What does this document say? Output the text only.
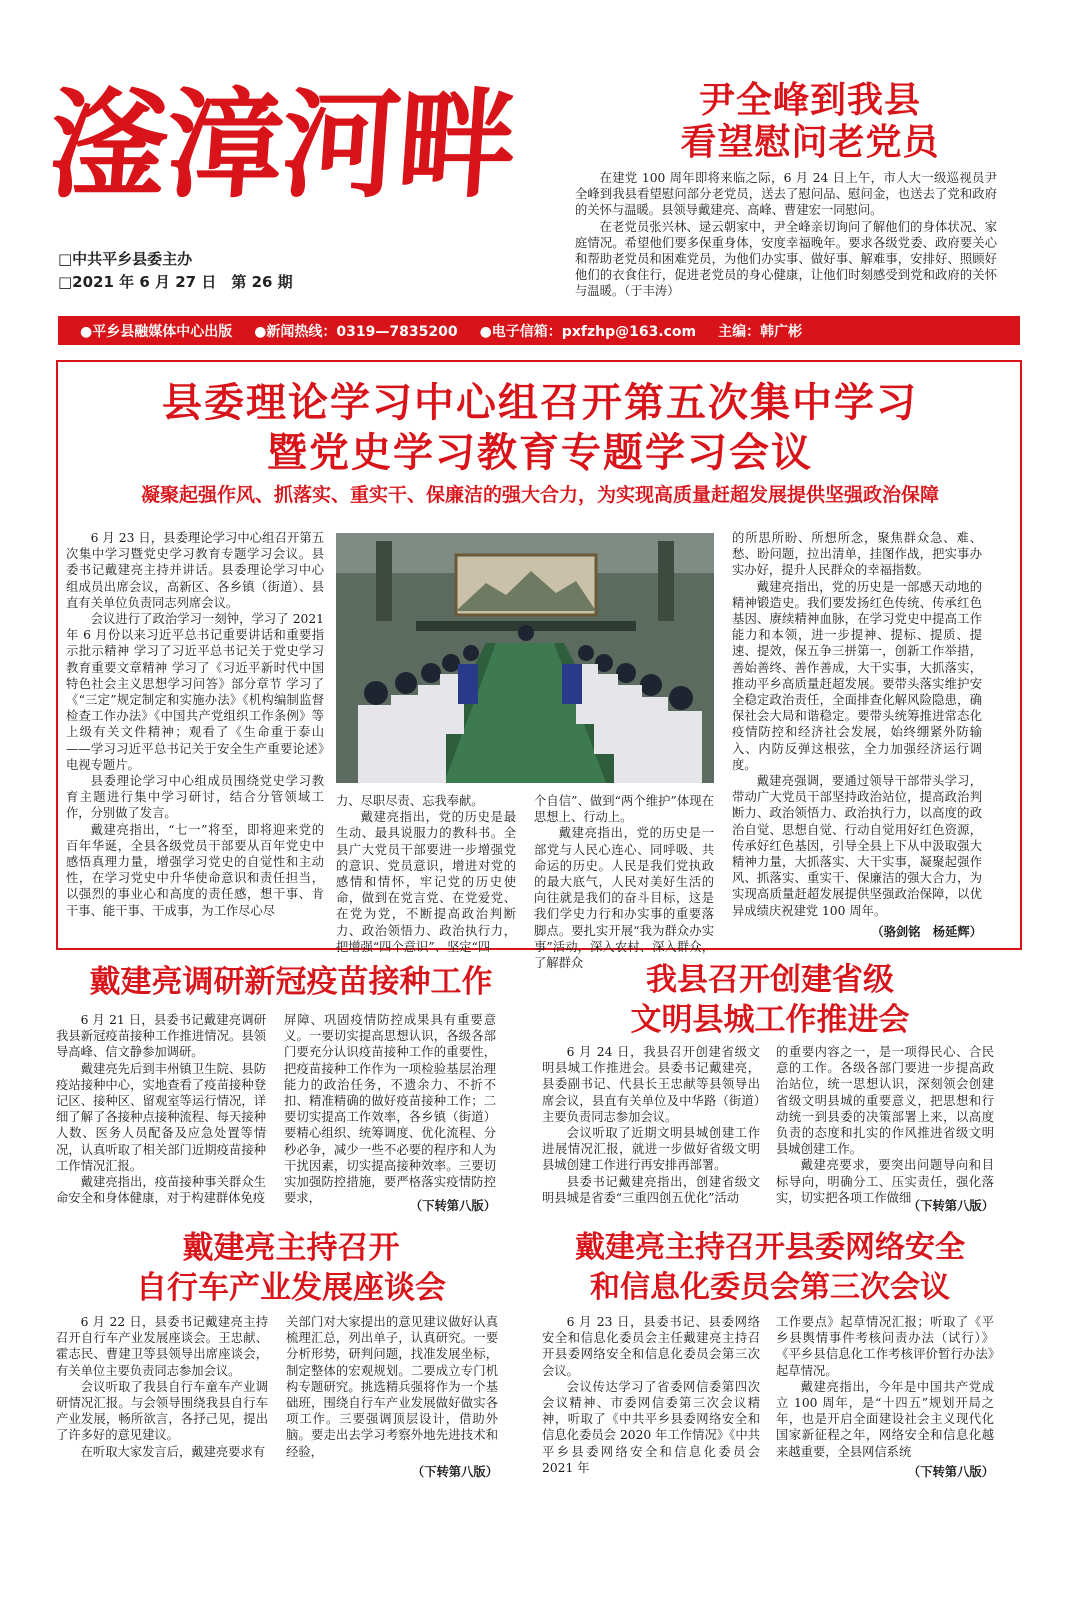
滏漳河畔
□中共平乡县委主办
□2021 年 6 月 27 日　第 26 期
尹全峰到我县
看望慰问老党员

在建党 100 周年即将来临之际，6 月 24 日上午，市人大一级巡视员尹全峰到我县看望慰问部分老党员，送去了慰问品、慰问金，也送去了党和政府的关怀与温暖。县领导戴建亮、高峰、曹建宏一同慰问。

在老党员张兴林、逯云朝家中，尹全峰亲切询问了解他们的身体状况、家庭情况。希望他们要多保重身体，安度幸福晚年。要求各级党委、政府要关心和帮助老党员和困难党员，为他们办实事、做好事、解难事，安排好、照顾好他们的衣食住行，促进老党员的身心健康，让他们时刻感受到党和政府的关怀与温暖。（于丰涛）

●平乡县融媒体中心出版 ●新闻热线：0319—7835200 ●电子信箱：pxfzhp@163.com 主编：韩广彬
县委理论学习中心组召开第五次集中学习
暨党史学习教育专题学习会议
凝聚起强作风、抓落实、重实干、保廉洁的强大合力，为实现高质量赶超发展提供坚强政治保障

6 月 23 日，县委理论学习中心组召开第五次集中学习暨党史学习教育专题学习会议。县委书记戴建亮主持并讲话。县委理论学习中心组成员出席会议，高新区、各乡镇（街道）、县直有关单位负责同志列席会议。

会议进行了政治学习一刻钟，学习了 2021 年 6 月份以来习近平总书记重要讲话和重要指示批示精神 学习了习近平总书记关于党史学习教育重要文章精神 学习了《习近平新时代中国特色社会主义思想学习问答》部分章节 学习了《“三定”规定制定和实施办法》《机构编制监督检查工作办法》《中国共产党组织工作条例》等上级有关文件精神；观看了《生命重于泰山——学习习近平总书记关于安全生产重要论述》电视专题片。

县委理论学习中心组成员围绕党史学习教育主题进行集中学习研讨，结合分管领域工作，分别做了发言。

戴建亮指出，“七一”将至，即将迎来党的百年华诞，全县各级党员干部要从百年党史中感悟真理力量，增强学习党史的自觉性和主动性，在学习党史中升华使命意识和责任担当，以强烈的事业心和高度的责任感，想干事、肯干事、能干事、干成事，为工作尽心尽

力、尽职尽责、忘我奉献。

戴建亮指出，党的历史是最生动、最具说服力的教科书。全县广大党员干部要进一步增强党的意识、党员意识，增进对党的感情和情怀，牢记党的历史使命，做到在党言党、在党爱党、在党为党，不断提高政治判断力、政治领悟力、政治执行力，把增强“四个意识”、坚定“四

个自信”、做到“两个维护”体现在思想上、行动上。

戴建亮指出，党的历史是一部党与人民心连心、同呼吸、共命运的历史。人民是我们党执政的最大底气，人民对美好生活的向往就是我们的奋斗目标，这是我们学史力行和办实事的重要落脚点。要扎实开展“我为群众办实事”活动，深入农村、深入群众，了解群众

的所思所盼、所想所念，聚焦群众急、难、愁、盼问题，拉出清单，挂图作战，把实事办实办好，提升人民群众的幸福指数。

戴建亮指出，党的历史是一部感天动地的精神锻造史。我们要发扬红色传统、传承红色基因、赓续精神血脉，在学习党史中提高工作能力和本领，进一步提神、提标、提质、提速、提效，保五争三拼第一，创新工作举措，善始善终、善作善成，大干实事，大抓落实，推动平乡高质量赶超发展。要带头落实维护安全稳定政治责任，全面排查化解风险隐患，确保社会大局和谐稳定。要带头统筹推进常态化疫情防控和经济社会发展，始终绷紧外防输入、内防反弹这根弦，全力加强经济运行调度。

戴建亮强调，要通过领导干部带头学习，带动广大党员干部坚持政治站位，提高政治判断力、政治领悟力、政治执行力，以高度的政治自觉、思想自觉、行动自觉用好红色资源，传承好红色基因，引导全县上下从中汲取强大精神力量，大抓落实、大干实事，凝聚起强作风、抓落实、重实干、保廉洁的强大合力，为实现高质量赶超发展提供坚强政治保障，以优异成绩庆祝建党 100 周年。

（骆剑铭　杨延辉）
戴建亮调研新冠疫苗接种工作

6 月 21 日，县委书记戴建亮调研我县新冠疫苗接种工作推进情况。县领导高峰、信文静参加调研。

戴建亮先后到丰州镇卫生院、县防疫站接种中心，实地查看了疫苗接种登记区、接种区、留观室等运行情况，详细了解了各接种点接种流程、每天接种人数、医务人员配备及应急处置等情况，认真听取了相关部门近期疫苗接种工作情况汇报。

戴建亮指出，疫苗接种事关群众生命安全和身体健康，对于构建群体免疫

屏障、巩固疫情防控成果具有重要意义。一要切实提高思想认识，各级各部门要充分认识疫苗接种工作的重要性，把疫苗接种工作作为一项检验基层治理能力的政治任务，不遗余力、不折不扣、精准精确的做好疫苗接种工作；二要切实提高工作效率，各乡镇（街道）要精心组织、统筹调度、优化流程、分秒必争，减少一些不必要的程序和人为干扰因素，切实提高接种效率。三要切实加强防控措施，要严格落实疫情防控要求，	（下转第八版）
我县召开创建省级
文明县城工作推进会

6 月 24 日，我县召开创建省级文明县城工作推进会。县委书记戴建亮，县委副书记、代县长王忠献等县领导出席会议，县直有关单位及中华路（街道）主要负责同志参加会议。

会议听取了近期文明县城创建工作进展情况汇报，就进一步做好省级文明县城创建工作进行再安排再部署。

县委书记戴建亮指出，创建省级文明县城是省委“三重四创五优化”活动

的重要内容之一，是一项得民心、合民意的工作。各级各部门要进一步提高政治站位，统一思想认识，深刻领会创建省级文明县城的重要意义，把思想和行动统一到县委的决策部署上来，以高度负责的态度和扎实的作风推进省级文明县城创建工作。

戴建亮要求，要突出问题导向和目标导向，明确分工、压实责任，强化落实，切实把各项工作做细

（下转第八版）
戴建亮主持召开
自行车产业发展座谈会

6 月 22 日，县委书记戴建亮主持召开自行车产业发展座谈会。王忠献、霍志民、曹建卫等县领导出席座谈会，有关单位主要负责同志参加会议。

会议听取了我县自行车童车产业调研情况汇报。与会领导围绕我县自行车产业发展，畅所欲言，各抒己见，提出了许多好的意见建议。

在听取大家发言后，戴建亮要求有

关部门对大家提出的意见建议做好认真梳理汇总，列出单子，认真研究。一要分析形势，研判问题，找准发展坐标，制定整体的宏观规划。二要成立专门机构专题研究。挑选精兵强将作为一个基础班，围绕自行车产业发展做好做实各项工作。三要强调顶层设计，借助外脑。要走出去学习考察外地先进技术和经验，

（下转第八版）
戴建亮主持召开县委网络安全
和信息化委员会第三次会议

6 月 23 日，县委书记、县委网络安全和信息化委员会主任戴建亮主持召开县委网络安全和信息化委员会第三次会议。

会议传达学习了省委网信委第四次会议精神、市委网信委第三次会议精神，听取了《中共平乡县委网络安全和信息化委员会 2020 年工作情况》《中共平乡县委网络安全和信息化委员会 2021 年

工作要点》起草情况汇报；听取了《平乡县舆情事件考核问责办法（试行）》《平乡县信息化工作考核评价暂行办法》起草情况。

戴建亮指出，今年是中国共产党成立 100 周年，是“十四五”规划开局之年，也是开启全面建设社会主义现代化国家新征程之年，网络安全和信息化越来越重要，全县网信系统

（下转第八版）
